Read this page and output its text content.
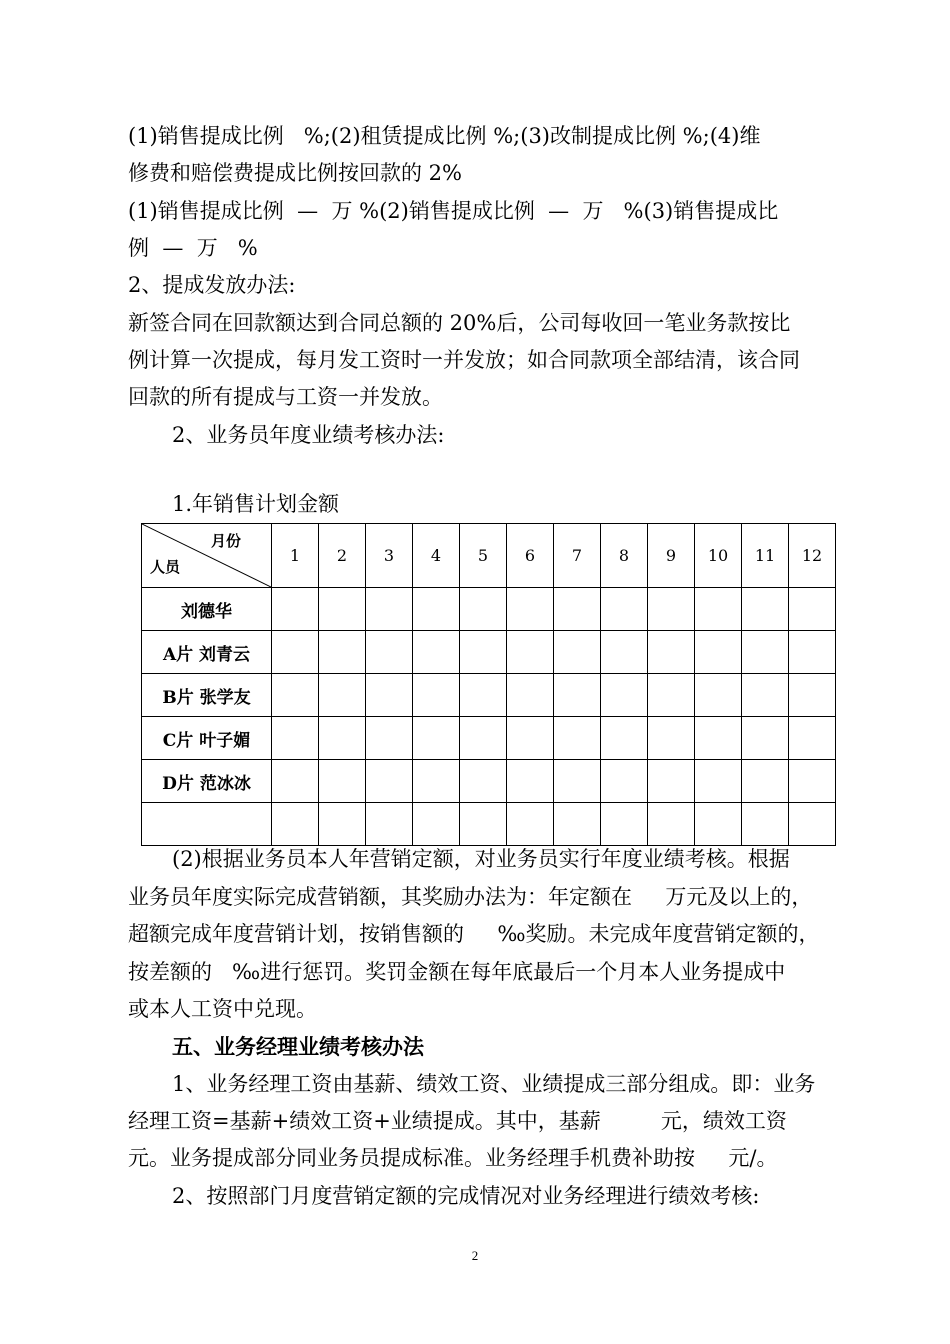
(1)销售提成比例   %;(2)租赁提成比例 %;(3)改制提成比例 %;(4)维
修费和赔偿费提成比例按回款的 2%
(1)销售提成比例  —  万 %(2)销售提成比例  —  万   %(3)销售提成比
例  —  万   %
2、提成发放办法:
新签合同在回款额达到合同总额的 20%后，公司每收回一笔业务款按比
例计算一次提成，每月发工资时一并发放；如合同款项全部结清，该合同
回款的所有提成与工资一并发放。
2、业务员年度业绩考核办法:
1.年销售计划金额
月份
人员	1	2	3	4	5	6	7	8	9	10	11	12
刘德华												
A片 刘青云												
B片 张学友												
C片 叶子媚												
D片 范冰冰												

(2)根据业务员本人年营销定额，对业务员实行年度业绩考核。根据
业务员年度实际完成营销额，其奖励办法为：年定额在     万元及以上的，
超额完成年度营销计划，按销售额的     ‰奖励。未完成年度营销定额的，
按差额的   ‰进行惩罚。奖罚金额在每年底最后一个月本人业务提成中
或本人工资中兑现。
五、业务经理业绩考核办法
1、业务经理工资由基薪、绩效工资、业绩提成三部分组成。即：业务
经理工资=基薪+绩效工资+业绩提成。其中，基薪         元，绩效工资
元。业务提成部分同业务员提成标准。业务经理手机费补助按     元/。
2、按照部门月度营销定额的完成情况对业务经理进行绩效考核:
2
